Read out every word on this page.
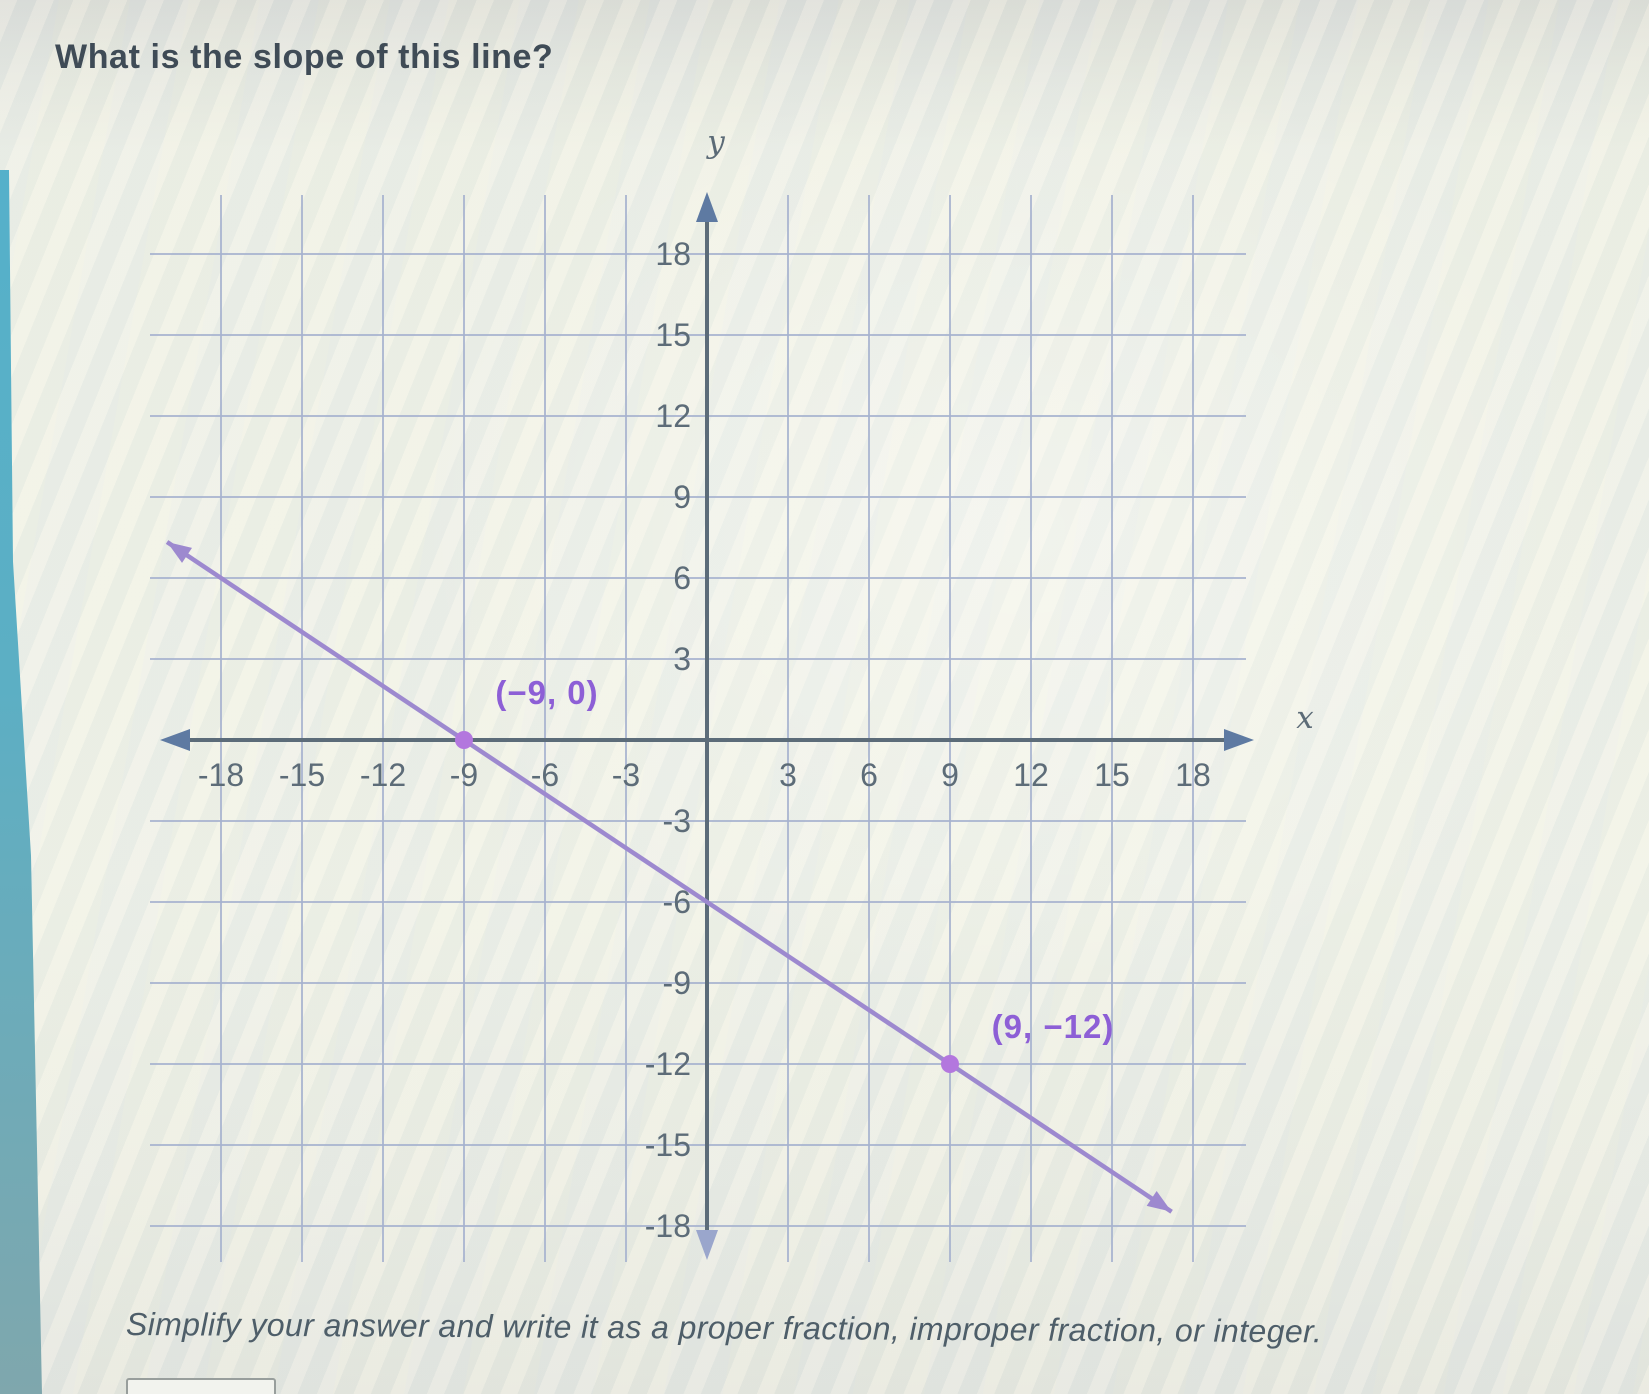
What is the slope of this line?
-18 -15 -12 -9 -6 -3	3 6 9 12 15 18
18
15
12
9
6
3
-3
-6
-9
-12
-15
-18
(−9, 0)
(9, −12)
y
x
Simplify your answer and write it as a proper fraction, improper fraction, or integer.
